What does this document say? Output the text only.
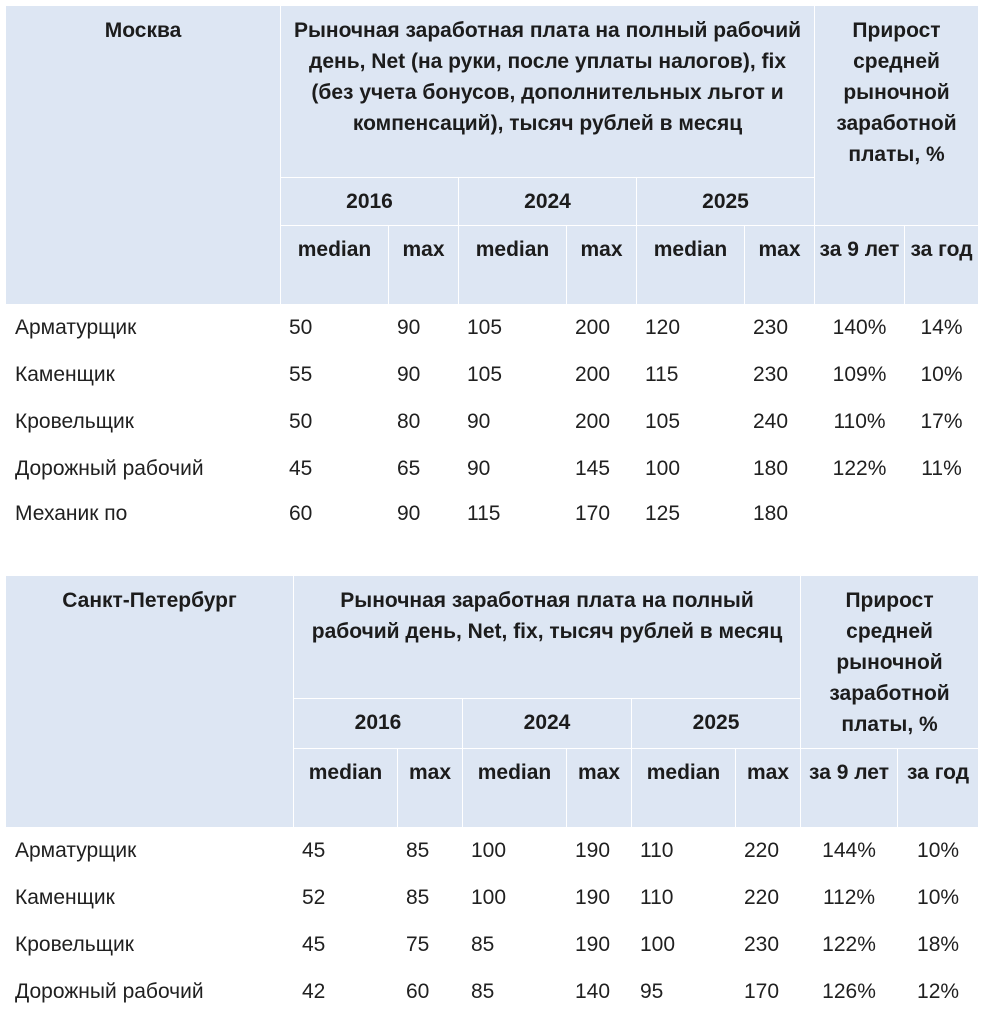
Москва	Рыночная заработная плата на полный рабочий день, Net (на руки, после уплаты налогов), fix (без учета бонусов, дополнительных льгот и компенсаций), тысяч рублей в месяц						Прирост средней рыночной заработной платы, %	
	2016		2024		2025			
	median	max	median	max	median	max	за 9 лет	за год
Арматурщик	50	90	105	200	120	230	140%	14%
Каменщик	55	90	105	200	115	230	109%	10%
Кровельщик	50	80	90	200	105	240	110%	17%
Дорожный рабочий	45	65	90	145	100	180	122%	11%
Механик по	60	90	115	170	125	180		
Санкт-Петербург	Рыночная заработная плата на полный рабочий день, Net, fix, тысяч рублей в месяц						Прирост средней рыночной заработной платы, %	
	2016		2024		2025			
	median	max	median	max	median	max	за 9 лет	за год
Арматурщик	45	85	100	190	110	220	144%	10%
Каменщик	52	85	100	190	110	220	112%	10%
Кровельщик	45	75	85	190	100	230	122%	18%
Дорожный рабочий	42	60	85	140	95	170	126%	12%
